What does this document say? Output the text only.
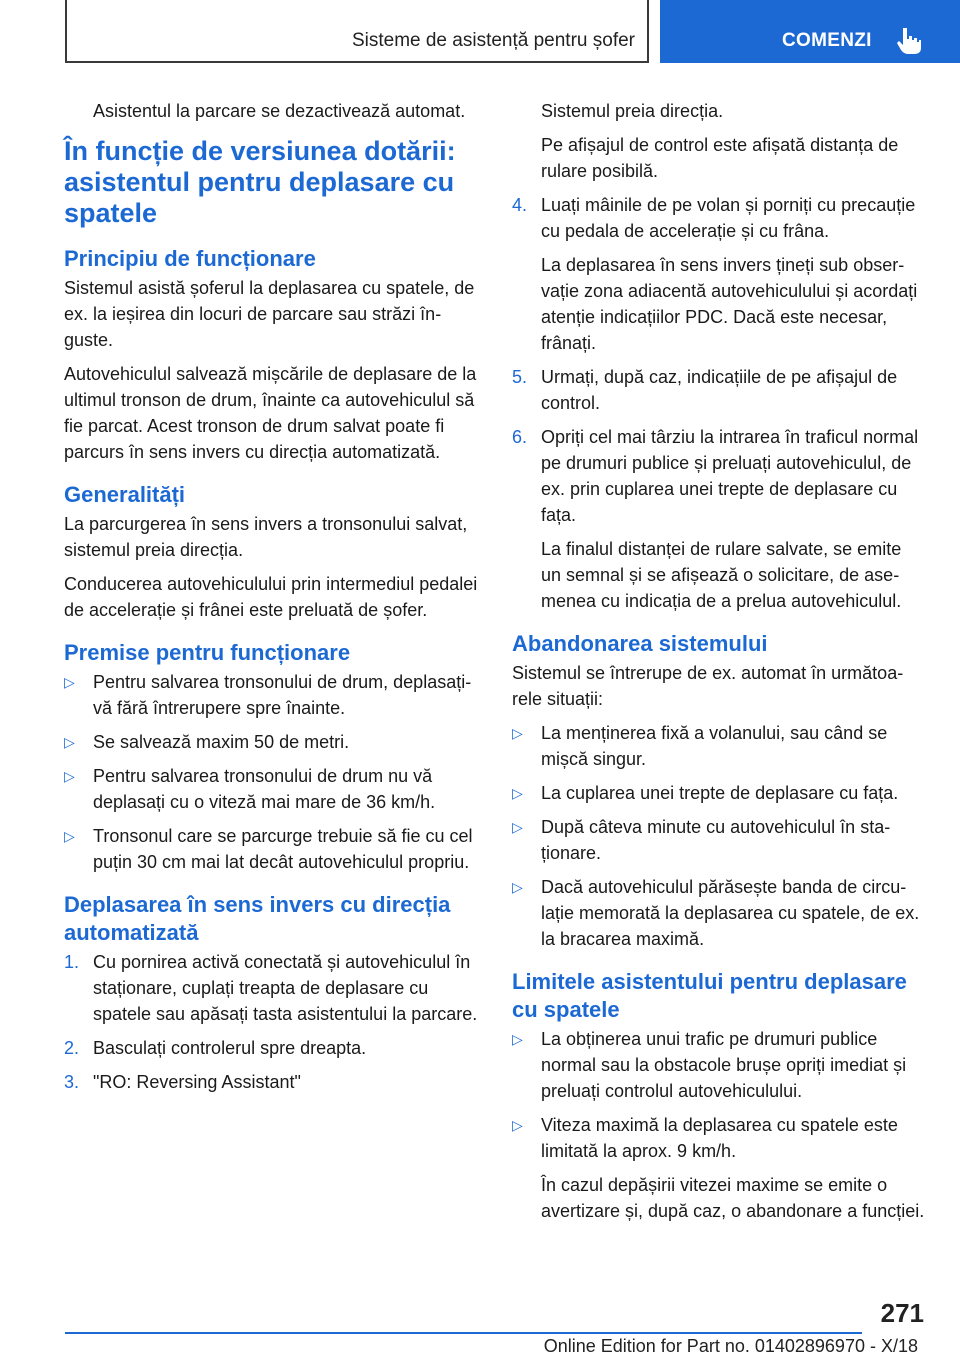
Sisteme de asistență pentru șofer	COMENZI

Asistentul la parcare se dezactivează automat.

În funcție de versiunea dotării: asistentul pentru deplasare cu spatele
Principiu de funcționare

Sistemul asistă șoferul la deplasarea cu spatele, de ex. la ieșirea din locuri de parcare sau străzi înguste.

Autovehiculul salvează mișcările de deplasare de la ultimul tronson de drum, înainte ca autovehiculul să fie parcat. Acest tronson de drum salvat poate fi parcurs în sens invers cu direcția automatizată.

Generalități

La parcurgerea în sens invers a tronsonului salvat, sistemul preia direcția.

Conducerea autovehiculului prin intermediul pedalei de accelerație și frânei este preluată de șofer.

Premise pentru funcționare
▷ Pentru salvarea tronsonului de drum, deplasați-vă fără întrerupere spre înainte.
▷ Se salvează maxim 50 de metri.
▷ Pentru salvarea tronsonului de drum nu vă deplasați cu o viteză mai mare de 36 km/h.
▷ Tronsonul care se parcurge trebuie să fie cu cel puțin 30 cm mai lat decât autovehiculul propriu.
Deplasarea în sens invers cu direcția automatizată
1. Cu pornirea activă conectată și autovehiculul în staționare, cuplați treapta de deplasare cu spatele sau apăsați tasta asistentului la parcare.
2. Basculați controlerul spre dreapta.
3. "RO: Reversing Assistant"

Sistemul preia direcția.

Pe afișajul de control este afișată distanța de rulare posibilă.

4. Luați mâinile de pe volan și porniți cu precauție cu pedala de accelerație și cu frâna.
La deplasarea în sens invers țineți sub observație zona adiacentă autovehiculului și acordați atenție indicațiilor PDC. Dacă este necesar, frânați.
5. Urmați, după caz, indicațiile de pe afișajul de control.
6. Opriți cel mai târziu la intrarea în traficul normal pe drumuri publice și preluați autovehiculul, de ex. prin cuplarea unei trepte de deplasare cu fața.
La finalul distanței de rulare salvate, se emite un semnal și se afișează o solicitare, de asemenea cu indicația de a prelua autovehiculul.
Abandonarea sistemului

Sistemul se întrerupe de ex. automat în următoarele situații:

▷ La menținerea fixă a volanului, sau când se mișcă singur.
▷ La cuplarea unei trepte de deplasare cu fața.
▷ După câteva minute cu autovehiculul în staționare.
▷ Dacă autovehiculul părăsește banda de circulație memorată la deplasarea cu spatele, de ex. la bracarea maximă.
Limitele asistentului pentru deplasare cu spatele
▷ La obținerea unui trafic pe drumuri publice normal sau la obstacole brușe opriți imediat și preluați controlul autovehiculului.
▷ Viteza maximă la deplasarea cu spatele este limitată la aprox. 9 km/h.
În cazul depășirii vitezei maxime se emite o avertizare și, după caz, o abandonare a funcției.
271
Online Edition for Part no. 01402896970 - X/18
